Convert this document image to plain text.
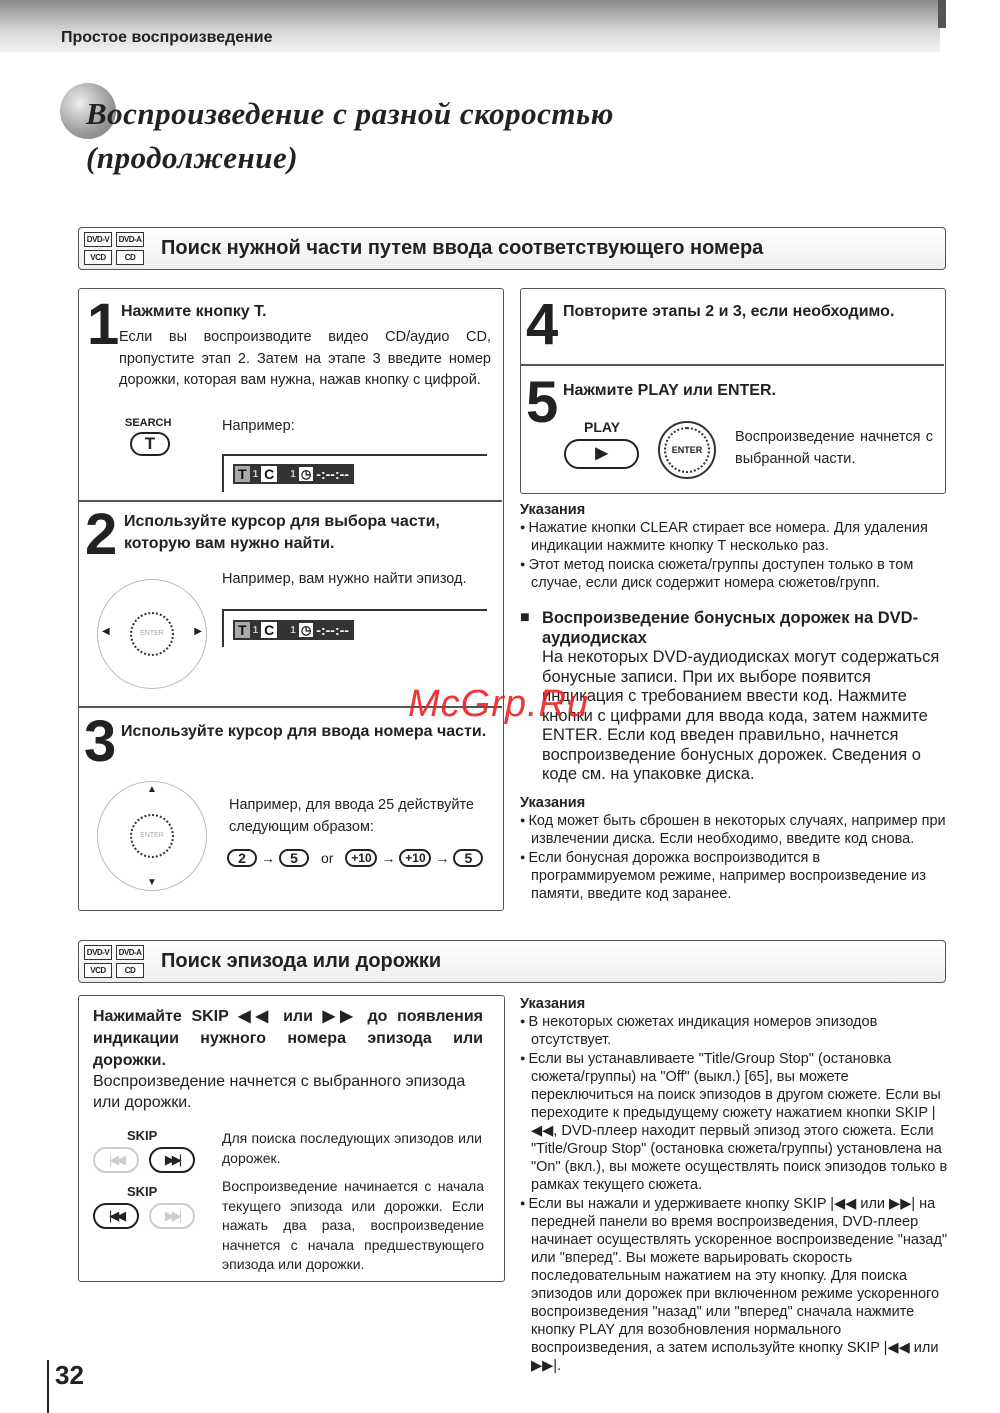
Простое воспроизведение
Воспроизведение с разной скоростью
(продолжение)
DVD-V	DVD-A
VCD	CD	Поиск нужной части путем ввода соответствующего номера
1 Нажмите кнопку T.
Если вы воспроизводите видео CD/аудио CD, пропустите этап 2. Затем на этапе 3 введите номер дорожки, которая вам нужна, нажав кнопку с цифрой.
SEARCH
T
Например:
T 1 C	1 ◷ -:--:--
2 Используйте курсор для выбора части, которую вам нужно найти.
Например, вам нужно найти эпизод.
ENTER
◀	▶	T 1 C	1 ◷ -:--:--
3 Используйте курсор для ввода номера части.
ENTER
▲
▼
Например, для ввода 25 действуйте следующим образом:
2	→	5	or	+10 → +10 →	5
4 Повторите этапы 2 и 3, если необходимо.
5 Нажмите PLAY или ENTER.
PLAY
▶	ENTER
Воспроизведение начнется с выбранной части.
Указания
● Нажатие кнопки CLEAR стирает все номера. Для удаления индикации нажмите кнопку T несколько раз.
● Этот метод поиска сюжета/группы доступен только в том случае, если диск содержит номера сюжетов/групп.
■ Воспроизведение бонусных дорожек на DVD-аудиодисках
На некоторых DVD-аудиодисках могут содержаться бонусные записи. При их выборе появится индикация с требованием ввести код. Нажмите кнопки с цифрами для ввода кода, затем нажмите ENTER. Если код введен правильно, начнется воспроизведение бонусных дорожек. Сведения о коде см. на упаковке диска.
Указания
● Код может быть сброшен в некоторых случаях, например при извлечении диска. Если необходимо, введите код снова.
● Если бонусная дорожка воспроизводится в программируемом режиме, например воспроизведение из памяти, введите код заранее.
DVD-V	DVD-A
VCD	CD	Поиск эпизода или дорожки
Нажимайте SKIP ◀◀ или ▶▶ до появления индикации нужного номера эпизода или дорожки.
Воспроизведение начнется с выбранного эпизода или дорожки.
SKIP
|◀◀	▶▶|
Для поиска последующих эпизодов или дорожек.
SKIP
|◀◀	▶▶|
Воспроизведение начинается с начала текущего эпизода или дорожки. Если нажать два раза, воспроизведение начнется с начала предшествующего эпизода или дорожки.
Указания
● В некоторых сюжетах индикация номеров эпизодов отсутствует.
● Если вы устанавливаете "Title/Group Stop" (остановка сюжета/группы) на "Off" (выкл.) [65], вы можете переключиться на поиск эпизодов в другом сюжете. Если вы переходите к предыдущему сюжету нажатием кнопки SKIP |◀◀, DVD-плеер находит первый эпизод этого сюжета. Если "Title/Group Stop" (остановка сюжета/группы) установлена на "On" (вкл.), вы можете осуществлять поиск эпизодов только в рамках текущего сюжета.
● Если вы нажали и удерживаете кнопку SKIP |◀◀ или ▶▶| на передней панели во время воспроизведения, DVD-плеер начинает осуществлять ускоренное воспроизведение "назад" или "вперед". Вы можете варьировать скорость последовательным нажатием на эту кнопку. Для поиска эпизодов или дорожек при включенном режиме ускоренного воспроизведения "назад" или "вперед" сначала нажмите кнопку PLAY для возобновления нормального воспроизведения, а затем используйте кнопку SKIP |◀◀ или ▶▶|.
32
McGrp.Ru
